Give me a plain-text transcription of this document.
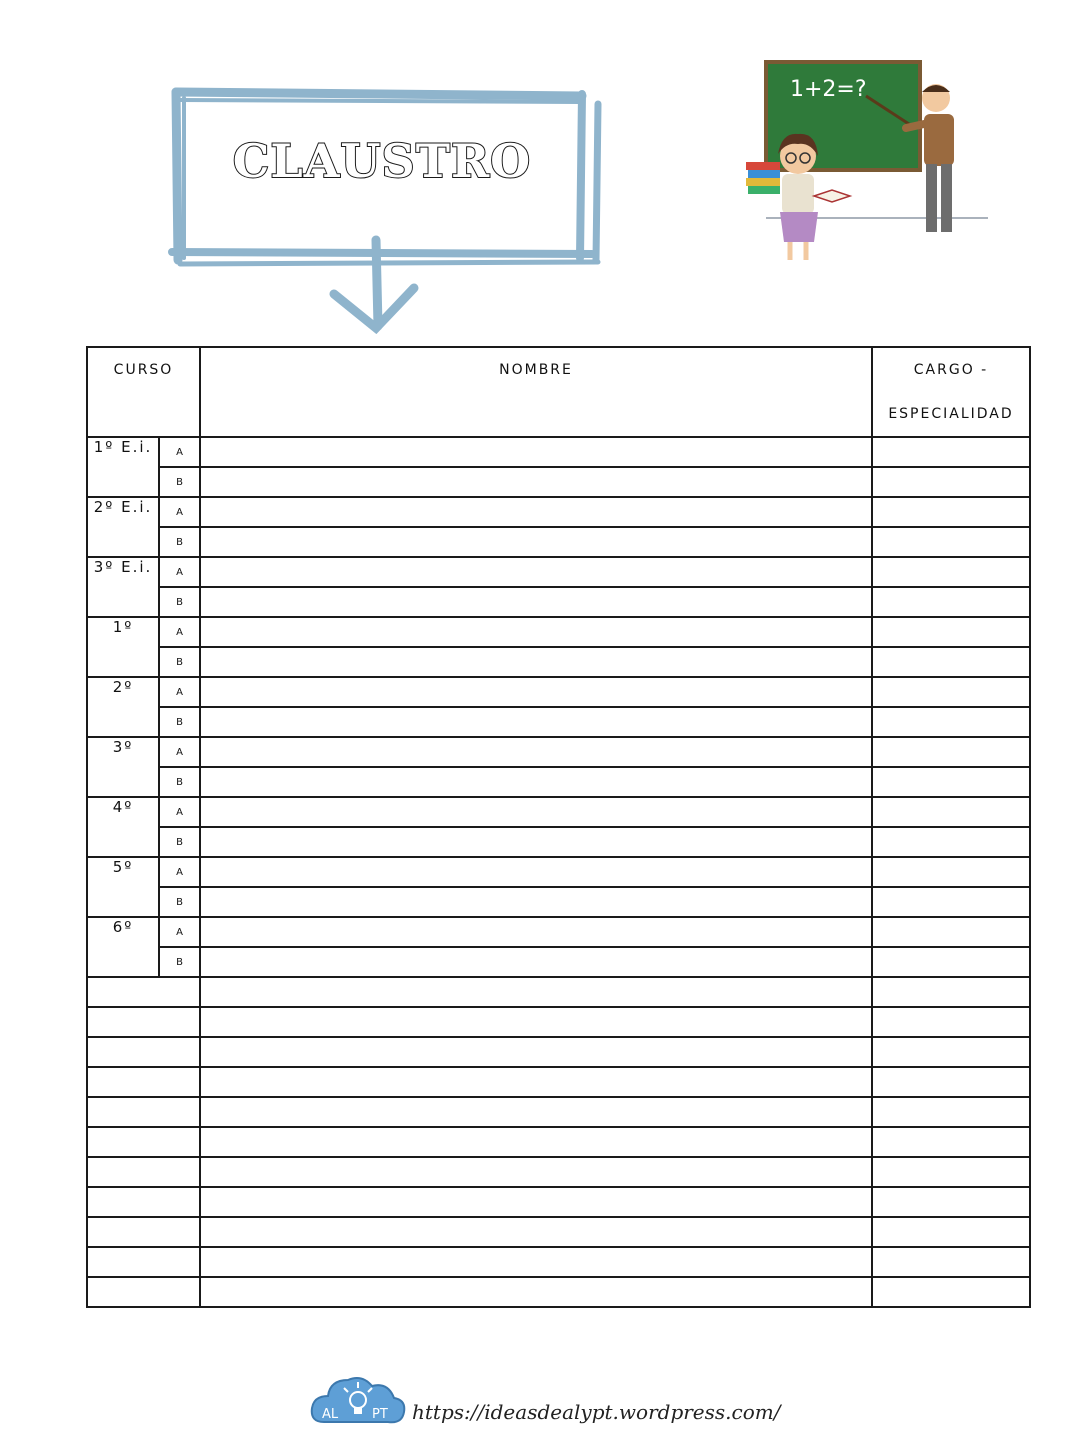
CLAUSTRO
1+2=?
CURSO		NOMBRE	CARGO -
ESPECIALIDAD

1º E.i.	A		
	B		
2º E.i.	A		
	B		
3º E.i.	A		
	B		
1º	A		
	B		
2º	A		
	B		
3º	A		
	B		
4º	A		
	B		
5º	A		
	B		
6º	A		
	B		

AL	PT https://ideasdealypt.wordpress.com/
